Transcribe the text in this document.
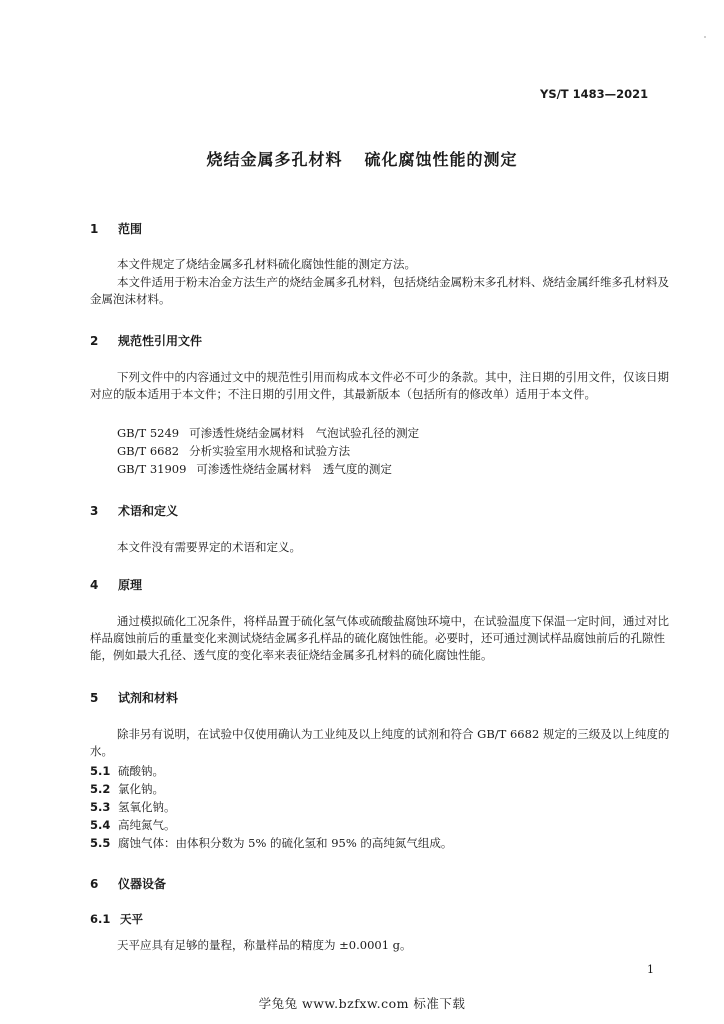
YS/T 1483—2021
烧结金属多孔材料 硫化腐蚀性能的测定
1 范围
本文件规定了烧结金属多孔材料硫化腐蚀性能的测定方法。
本文件适用于粉末冶金方法生产的烧结金属多孔材料，包括烧结金属粉末多孔材料、烧结金属纤维多孔材料及金属泡沫材料。
2 规范性引用文件
下列文件中的内容通过文中的规范性引用而构成本文件必不可少的条款。其中，注日期的引用文件，仅该日期对应的版本适用于本文件；不注日期的引用文件，其最新版本（包括所有的修改单）适用于本文件。
GB/T 5249 可渗透性烧结金属材料　气泡试验孔径的测定
GB/T 6682 分析实验室用水规格和试验方法
GB/T 31909 可渗透性烧结金属材料　透气度的测定
3 术语和定义
本文件没有需要界定的术语和定义。
4 原理
通过模拟硫化工况条件，将样品置于硫化氢气体或硫酸盐腐蚀环境中，在试验温度下保温一定时间，通过对比样品腐蚀前后的重量变化来测试烧结金属多孔样品的硫化腐蚀性能。必要时，还可通过测试样品腐蚀前后的孔隙性能，例如最大孔径、透气度的变化率来表征烧结金属多孔材料的硫化腐蚀性能。
5 试剂和材料
除非另有说明，在试验中仅使用确认为工业纯及以上纯度的试剂和符合 GB/T 6682 规定的三级及以上纯度的水。
5.1 硫酸钠。
5.2 氯化钠。
5.3 氢氧化钠。
5.4 高纯氮气。
5.5 腐蚀气体：由体积分数为 5% 的硫化氢和 95% 的高纯氮气组成。
6 仪器设备
6.1 天平
天平应具有足够的量程，称量样品的精度为 ±0.0001 g。
1
学兔兔 www.bzfxw.com 标准下载
